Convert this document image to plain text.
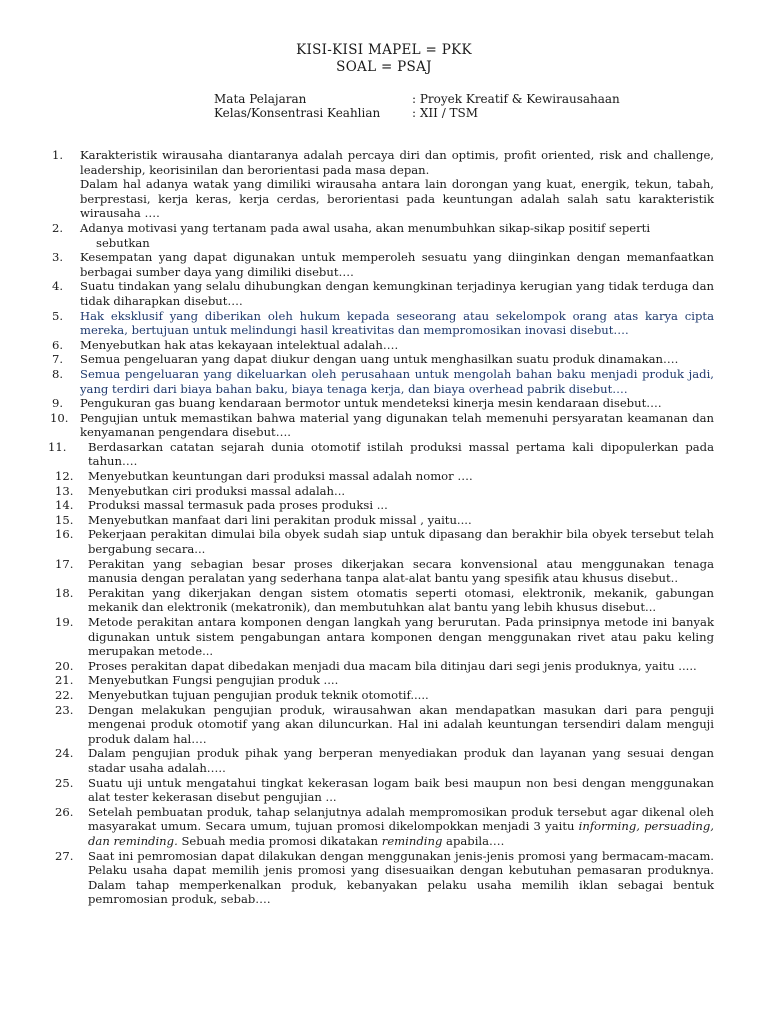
KISI-KISI MAPEL = PKK
SOAL = PSAJ
Mata Pelajaran	: Proyek Kreatif & Kewirausahaan
Kelas/Konsentrasi Keahlian	: XII / TSM
1. Karakteristik wirausaha diantaranya adalah percaya diri dan optimis, profit oriented, risk and challenge, leadership, keorisinilan dan berorientasi pada masa depan.

Dalam hal adanya watak yang dimiliki wirausaha antara lain dorongan yang kuat, energik, tekun, tabah, berprestasi, kerja keras, kerja cerdas, berorientasi pada keuntungan adalah salah satu karakteristik wirausaha ….

2. Adanya motivasi yang tertanam pada awal usaha, akan menumbuhkan sikap-sikap positif seperti

sebutkan

3. Kesempatan yang dapat digunakan untuk memperoleh sesuatu yang diinginkan dengan memanfaatkan berbagai sumber daya yang dimiliki disebut….

4. Suatu tindakan yang selalu dihubungkan dengan kemungkinan terjadinya kerugian yang tidak terduga dan tidak diharapkan disebut….

5. Hak eksklusif yang diberikan oleh hukum kepada seseorang atau sekelompok orang atas karya cipta mereka, bertujuan untuk melindungi hasil kreativitas dan mempromosikan inovasi disebut….

6. Menyebutkan hak atas kekayaan intelektual adalah….

7. Semua pengeluaran yang dapat diukur dengan uang untuk menghasilkan suatu produk dinamakan….

8. Semua pengeluaran yang dikeluarkan oleh perusahaan untuk mengolah bahan baku menjadi produk jadi, yang terdiri dari biaya bahan baku, biaya tenaga kerja, dan biaya overhead pabrik disebut….

9. Pengukuran gas buang kendaraan bermotor untuk mendeteksi kinerja mesin kendaraan disebut….

10. Pengujian untuk memastikan bahwa material yang digunakan telah memenuhi persyaratan keamanan dan kenyamanan pengendara disebut….

11. Berdasarkan catatan sejarah dunia otomotif istilah produksi massal pertama kali dipopulerkan pada tahun….

12. Menyebutkan keuntungan dari produksi massal adalah nomor ….

13. Menyebutkan ciri produksi massal adalah...

14. Produksi massal termasuk pada proses produksi ...

15. Menyebutkan manfaat dari lini perakitan produk missal , yaitu....

16. Pekerjaan perakitan dimulai bila obyek sudah siap untuk dipasang dan berakhir bila obyek tersebut telah bergabung secara...

17. Perakitan yang sebagian besar proses dikerjakan secara konvensional atau menggunakan tenaga manusia dengan peralatan yang sederhana tanpa alat-alat bantu yang spesifik atau khusus disebut..

18. Perakitan yang dikerjakan dengan sistem otomatis seperti otomasi, elektronik, mekanik, gabungan mekanik dan elektronik (mekatronik), dan membutuhkan alat bantu yang lebih khusus disebut...

19. Metode perakitan antara komponen dengan langkah yang berurutan. Pada prinsipnya metode ini banyak digunakan untuk sistem pengabungan antara komponen dengan menggunakan rivet atau paku keling merupakan metode...

20. Proses perakitan dapat dibedakan menjadi dua macam bila ditinjau dari segi jenis produknya, yaitu .....

21. Menyebutkan Fungsi pengujian produk ....

22. Menyebutkan tujuan pengujian produk teknik otomotif.....

23. Dengan melakukan pengujian produk, wirausahwan akan mendapatkan masukan dari para penguji mengenai produk otomotif yang akan diluncurkan. Hal ini adalah keuntungan tersendiri dalam menguji produk dalam hal….

24. Dalam pengujian produk pihak yang berperan menyediakan produk dan layanan yang sesuai dengan stadar usaha adalah…..

25. Suatu uji untuk mengatahui tingkat kekerasan logam baik besi maupun non besi dengan menggunakan alat tester kekerasan disebut pengujian ...

26. Setelah pembuatan produk, tahap selanjutnya adalah mempromosikan produk tersebut agar dikenal oleh masyarakat umum. Secara umum, tujuan promosi dikelompokkan menjadi 3 yaitu informing, persuading, dan reminding. Sebuah media promosi dikatakan reminding apabila….

27. Saat ini pemromosian dapat dilakukan dengan menggunakan jenis-jenis promosi yang bermacam-macam. Pelaku usaha dapat memilih jenis promosi yang disesuaikan dengan kebutuhan pemasaran produknya. Dalam tahap memperkenalkan produk, kebanyakan pelaku usaha memilih iklan sebagai bentuk pemromosian produk, sebab….
